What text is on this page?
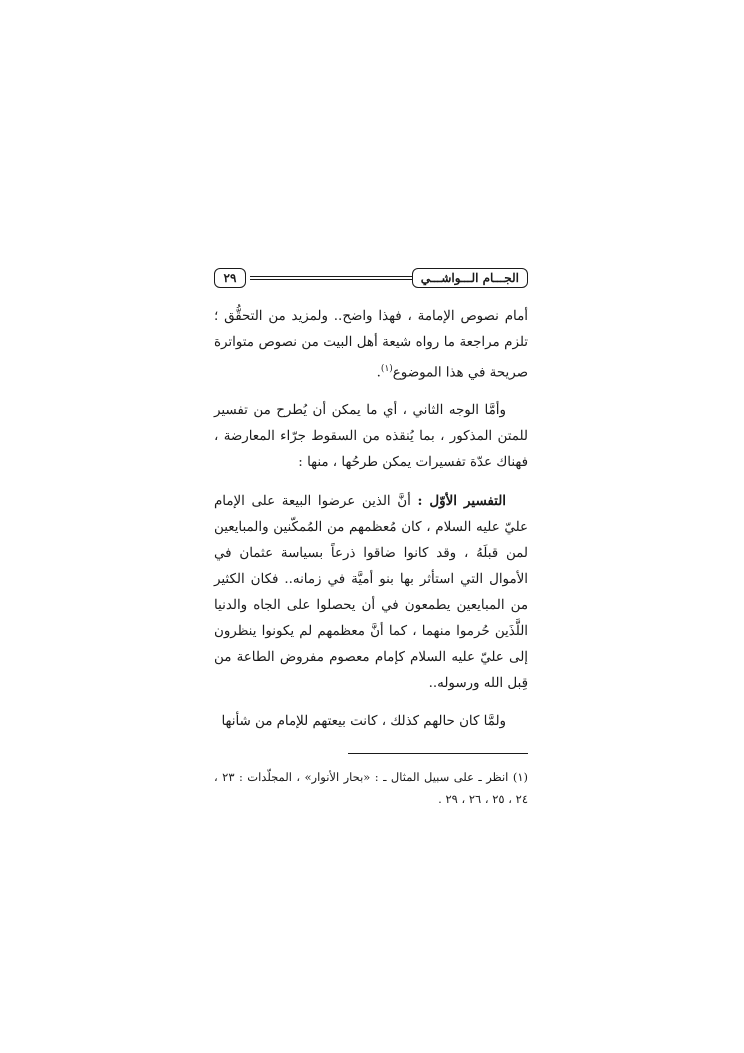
الجـــام الـــواشـــي
٢٩

أمام نصوص الإمامة ، فهذا واضح.. ولمزيد من التحقُّق ؛ تلزم مراجعة ما رواه شيعة أهل البيت من نصوص متواترة صريحة في هذا الموضوع$^{(١)}$.

وأمَّا الوجه الثاني ، أي ما يمكن أن يُطرح من تفسير للمتن المذكور ، بما يُنقذه من السقوط جرّاء المعارضة ، فهناك عدّة تفسيرات يمكن طرحُها ، منها :

التفسير الأوّل : أنَّ الذين عرضوا البيعة على الإمام عليّ عليه السلام ، كان مُعظمهم من المُمكّنين والمبايعين لمن قبلَهُ ، وقد كانوا ضاقوا ذرعاً بسياسة عثمان في الأموال التي استأثر بها بنو أميَّة في زمانه.. فكان الكثير من المبايعين يطمعون في أن يحصلوا على الجاه والدنيا اللَّذَين حُرموا منهما ، كما أنَّ معظمهم لم يكونوا ينظرون إلى عليّ عليه السلام كإمام معصوم مفروض الطاعة من قِبل الله ورسوله..

ولمَّا كان حالهم كذلك ، كانت بيعتهم للإمام من شأنها

(١) انظر ـ على سبيل المثال ـ : «بحار الأنوار» ، المجلّدات : ٢٣ ، ٢٤ ، ٢٥ ، ٢٦ ، ٢٩ .
